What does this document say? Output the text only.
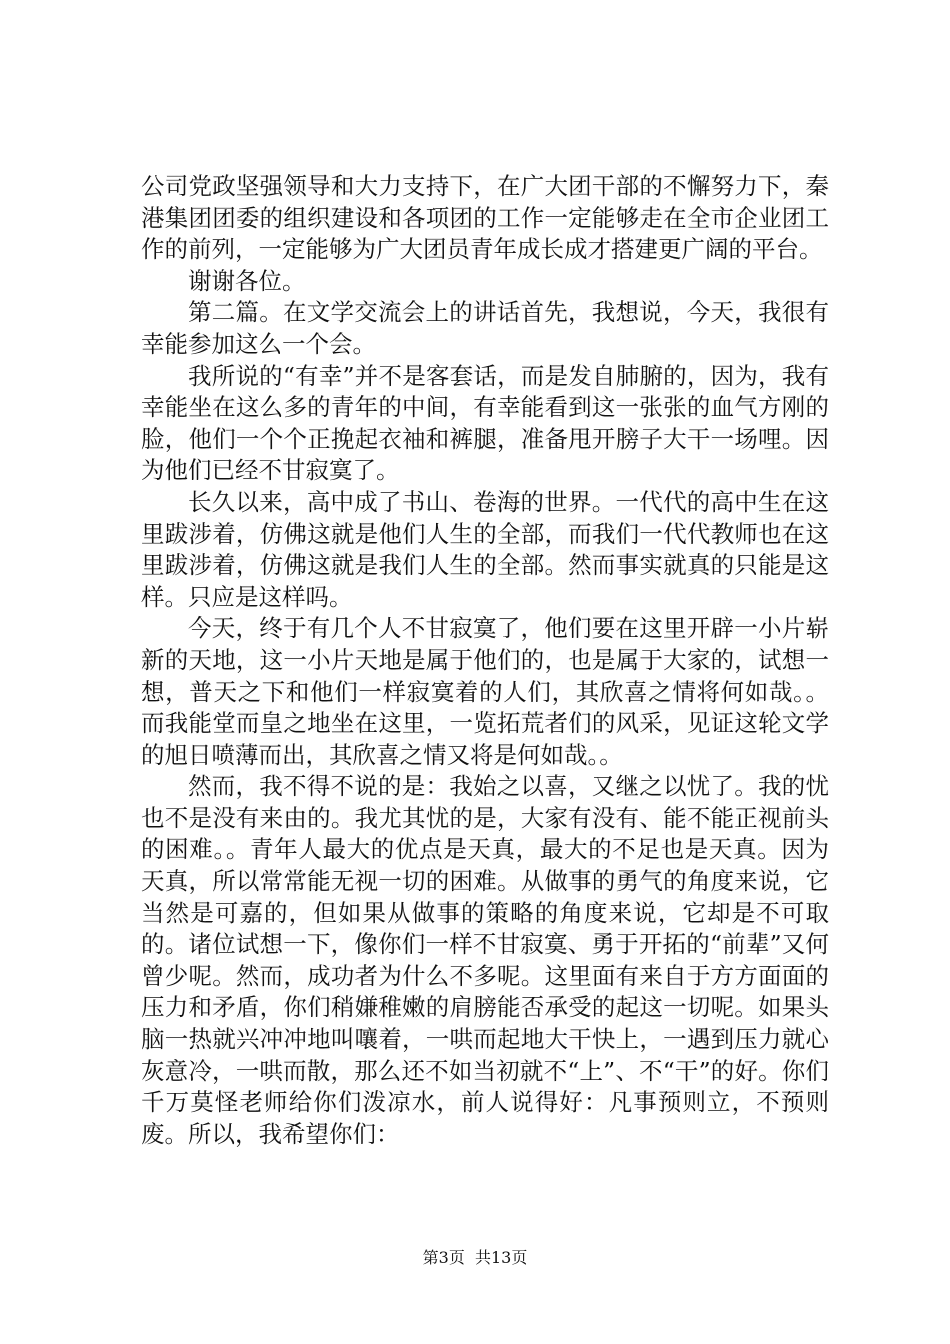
公司党政坚强领导和大力支持下，在广大团干部的不懈努力下，秦港集团团委的组织建设和各项团的工作一定能够走在全市企业团工作的前列，一定能够为广大团员青年成长成才搭建更广阔的平台。

谢谢各位。

第二篇。在文学交流会上的讲话首先，我想说，今天，我很有幸能参加这么一个会。

我所说的“有幸”并不是客套话，而是发自肺腑的，因为，我有幸能坐在这么多的青年的中间，有幸能看到这一张张的血气方刚的脸，他们一个个正挽起衣袖和裤腿，准备甩开膀子大干一场哩。因为他们已经不甘寂寞了。

长久以来，高中成了书山、卷海的世界。一代代的高中生在这里跋涉着，仿佛这就是他们人生的全部，而我们一代代教师也在这里跋涉着，仿佛这就是我们人生的全部。然而事实就真的只能是这样。只应是这样吗。

今天，终于有几个人不甘寂寞了，他们要在这里开辟一小片崭新的天地，这一小片天地是属于他们的，也是属于大家的，试想一想，普天之下和他们一样寂寞着的人们，其欣喜之情将何如哉。。而我能堂而皇之地坐在这里，一览拓荒者们的风采，见证这轮文学的旭日喷薄而出，其欣喜之情又将是何如哉。。

然而，我不得不说的是：我始之以喜，又继之以忧了。我的忧也不是没有来由的。我尤其忧的是，大家有没有、能不能正视前头的困难。。青年人最大的优点是天真，最大的不足也是天真。因为天真，所以常常能无视一切的困难。从做事的勇气的角度来说，它当然是可嘉的，但如果从做事的策略的角度来说，它却是不可取的。诸位试想一下，像你们一样不甘寂寞、勇于开拓的“前辈”又何曾少呢。然而，成功者为什么不多呢。这里面有来自于方方面面的压力和矛盾，你们稍嫌稚嫩的肩膀能否承受的起这一切呢。如果头脑一热就兴冲冲地叫嚷着，一哄而起地大干快上，一遇到压力就心灰意冷，一哄而散，那么还不如当初就不“上”、不“干”的好。你们千万莫怪老师给你们泼凉水，前人说得好：凡事预则立，不预则废。所以，我希望你们：

第3页  共13页
